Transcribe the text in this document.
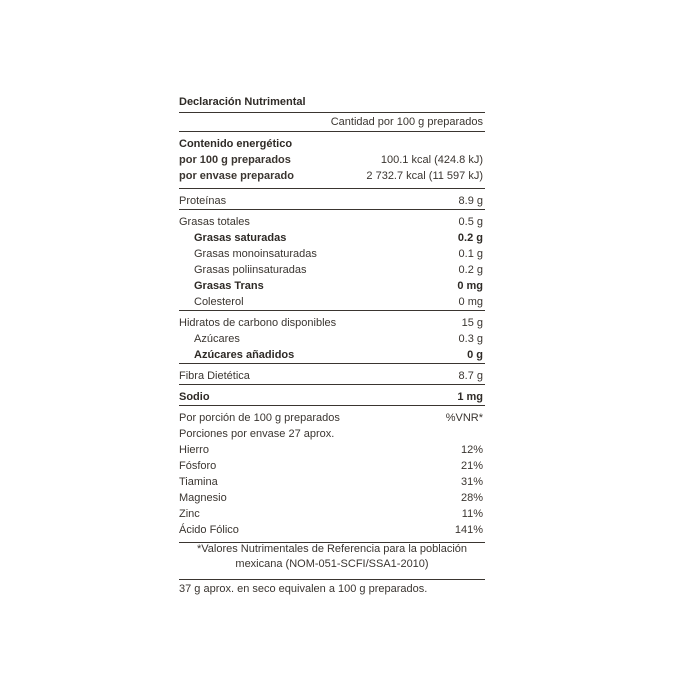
Declaración Nutrimental
Cantidad por 100 g preparados
Contenido energético
por 100 g preparados	100.1 kcal (424.8 kJ)
por envase preparado	2 732.7 kcal (11 597 kJ)
Proteínas	8.9 g
Grasas totales	0.5 g
Grasas saturadas	0.2 g
Grasas monoinsaturadas	0.1 g
Grasas poliinsaturadas	0.2 g
Grasas Trans	0 mg
Colesterol	0 mg
Hidratos de carbono disponibles	15 g
Azúcares	0.3 g
Azúcares añadidos	0 g
Fibra Dietética	8.7 g
Sodio	1 mg
Por porción de 100 g preparados	%VNR*
Porciones por envase 27 aprox.
Hierro	12%
Fósforo	21%
Tiamina	31%
Magnesio	28%
Zinc	11%
Ácido Fólico	141%
*Valores Nutrimentales de Referencia para la población
mexicana (NOM-051-SCFI/SSA1-2010)
37 g aprox. en seco equivalen a 100 g preparados.
